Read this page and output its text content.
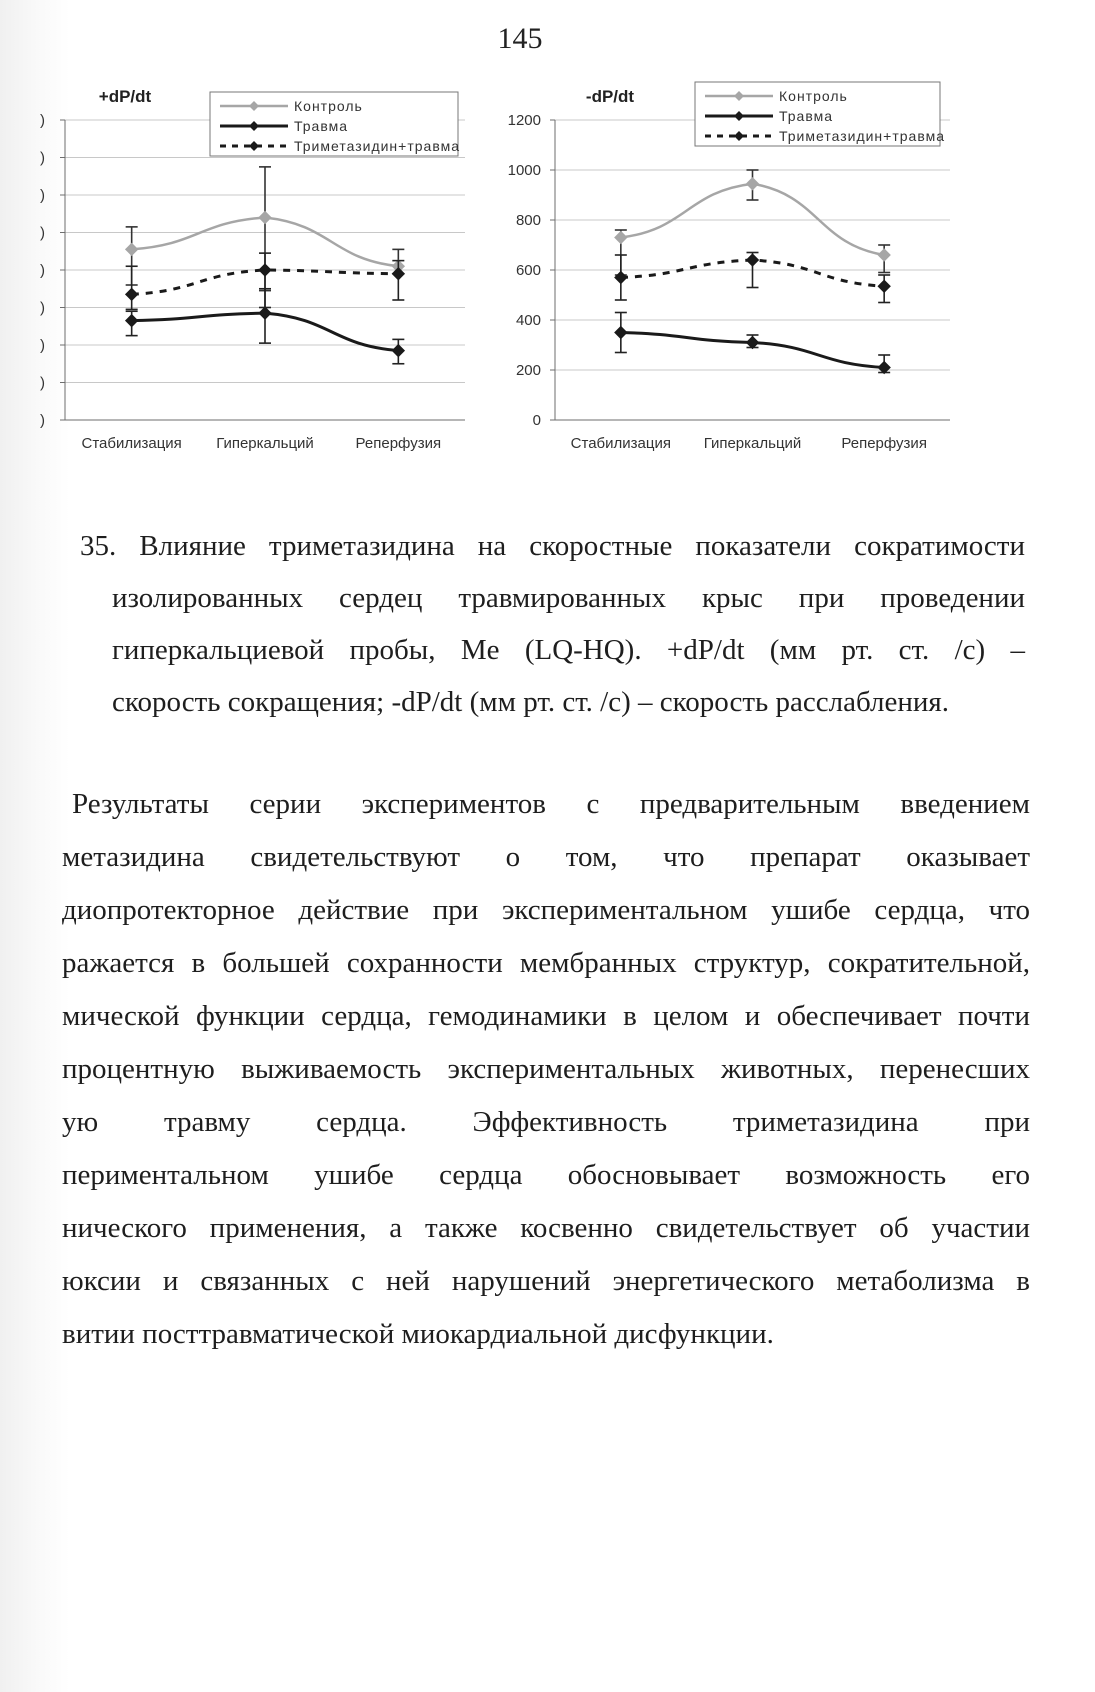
145
+dP/dt
)
)
)
)
)
)
)
)
)
Стабилизация Гиперкальций	Реперфузия
Контроль
Травма
Триметазидин+травма
-dP/dt
0
200
400
600
800
1000
1200
Стабилизация Гиперкальций	Реперфузия
Контроль
Травма
Триметазидин+травма
35. Влияние триметазидина на скоростные показатели сократимости
изолированных сердец травмированных крыс при проведении
гиперкальциевой пробы, Me (LQ-HQ). +dP/dt (мм рт. ст. /с) –
скорость сокращения; -dP/dt (мм рт. ст. /с) – скорость расслабления.
Результаты серии экспериментов с предварительным введением
метазидина свидетельствуют о том, что препарат оказывает
диопротекторное действие при экспериментальном ушибе сердца, что
ражается в большей сохранности мембранных структур, сократительной,
мической функции сердца, гемодинамики в целом и обеспечивает почти
процентную выживаемость экспериментальных животных, перенесших
ую травму сердца. Эффективность триметазидина при
периментальном ушибе сердца обосновывает возможность его
нического применения, а также косвенно свидетельствует об участии
юксии и связанных с ней нарушений энергетического метаболизма в
витии посттравматической миокардиальной дисфункции.
